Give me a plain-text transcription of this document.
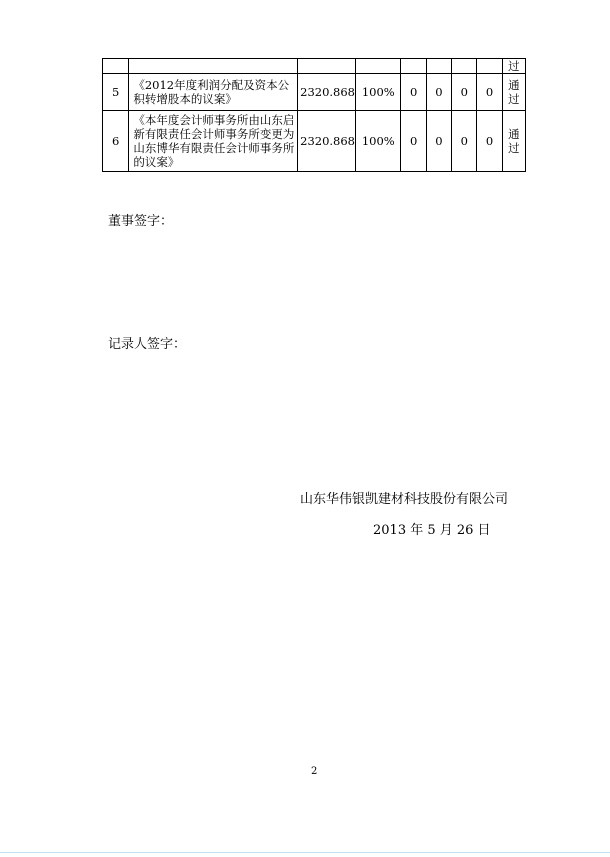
								过
5	《2012年度利润分配及资本公积转增股本的议案》	2320.868	100%	0	0	0	0	通过
6	《本年度会计师事务所由山东启新有限责任会计师事务所变更为山东博华有限责任会计师事务所的议案》	2320.868	100%	0	0	0	0	通过
董事签字：
记录人签字：
山东华伟银凯建材科技股份有限公司
2013 年 5 月 26 日
2
